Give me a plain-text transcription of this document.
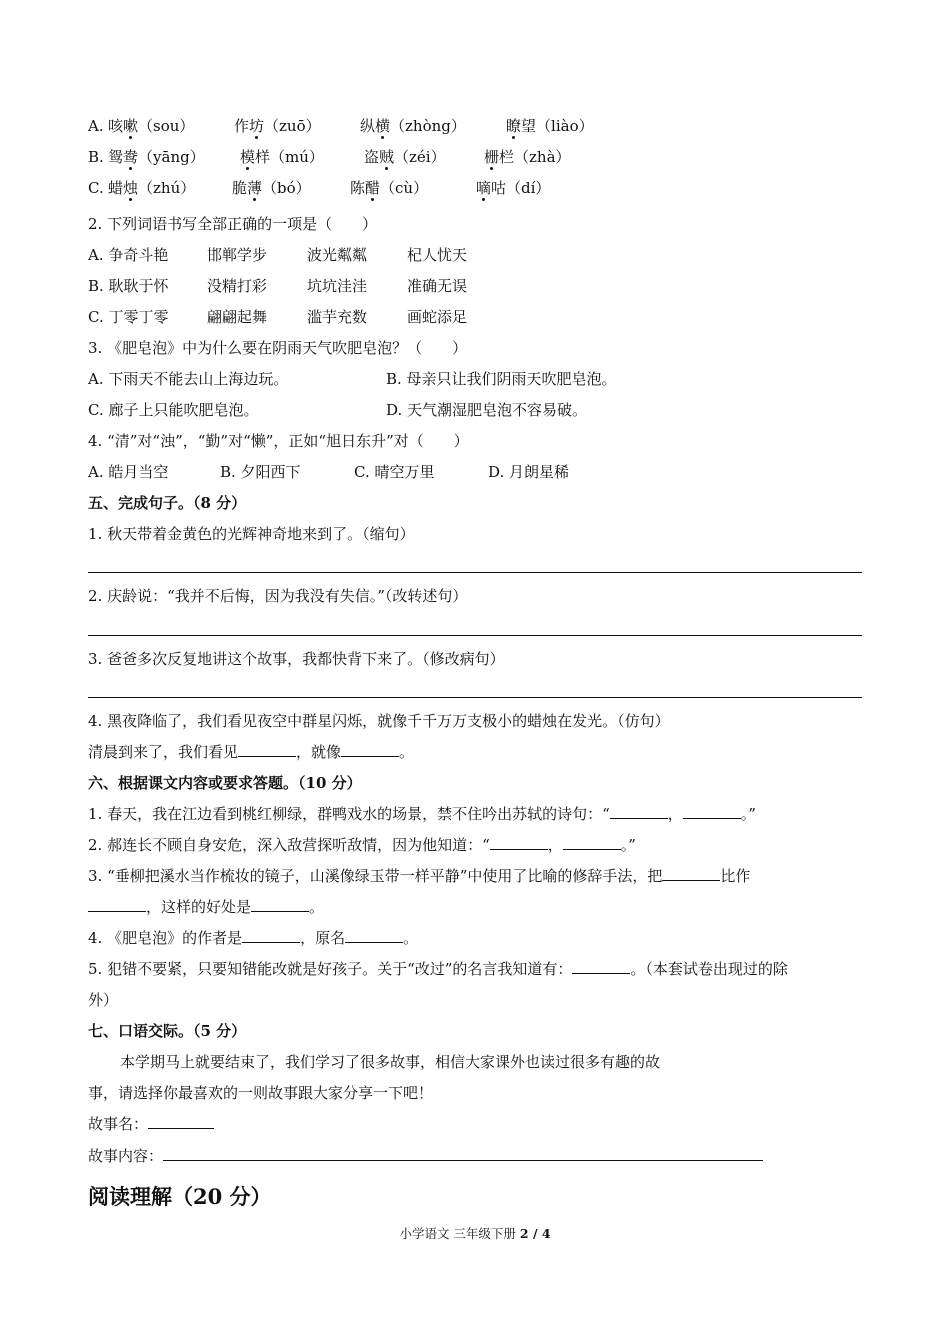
A. 咳嗽（sou）	作坊（zuō）	纵横（zhòng）	瞭望（liào）
B. 鸳鸯（yāng） 模样（mú）	盗贼（zéi）	栅栏（zhà）
C. 蜡烛（zhú） 脆薄（bó）	陈醋（cù）	嘀咕（dí）
2. 下列词语书写全部正确的一项是（　　）
A. 争奇斗艳	邯郸学步	波光粼粼	杞人忧天
B. 耿耿于怀	没精打彩	坑坑洼洼	准确无误
C. 丁零丁零	翩翩起舞	滥芋充数	画蛇添足
3. 《肥皂泡》中为什么要在阴雨天气吹肥皂泡？（　　）
A. 下雨天不能去山上海边玩。	B. 母亲只让我们阴雨天吹肥皂泡。
C. 廊子上只能吹肥皂泡。	D. 天气潮湿肥皂泡不容易破。
4. “清”对“浊”，“勤”对“懒”，正如“旭日东升”对（　　）
A. 皓月当空	B. 夕阳西下	C. 晴空万里	D. 月朗星稀
五、完成句子。（8 分）
1. 秋天带着金黄色的光辉神奇地来到了。（缩句）
2. 庆龄说：“我并不后悔，因为我没有失信。”（改转述句）
3. 爸爸多次反复地讲这个故事，我都快背下来了。（修改病句）
4. 黑夜降临了，我们看见夜空中群星闪烁，就像千千万万支极小的蜡烛在发光。（仿句）
清晨到来了，我们看见	，就像	。
六、根据课文内容或要求答题。（10 分）
1. 春天，我在江边看到桃红柳绿，群鸭戏水的场景，禁不住吟出苏轼的诗句：“	，	。”
2. 郝连长不顾自身安危，深入敌营探听敌情，因为他知道：“	，	。”
3. “垂柳把溪水当作梳妆的镜子，山溪像绿玉带一样平静”中使用了比喻的修辞手法，把	比作
，这样的好处是	。
4. 《肥皂泡》的作者是	，原名	。
5. 犯错不要紧，只要知错能改就是好孩子。关于“改过”的名言我知道有：	。（本套试卷出现过的除
外）
七、口语交际。（5 分）
本学期马上就要结束了，我们学习了很多故事，相信大家课外也读过很多有趣的故
事，请选择你最喜欢的一则故事跟大家分享一下吧！
故事名：
故事内容：
阅读理解（20 分）
小学语文 三年级下册 2 / 4
